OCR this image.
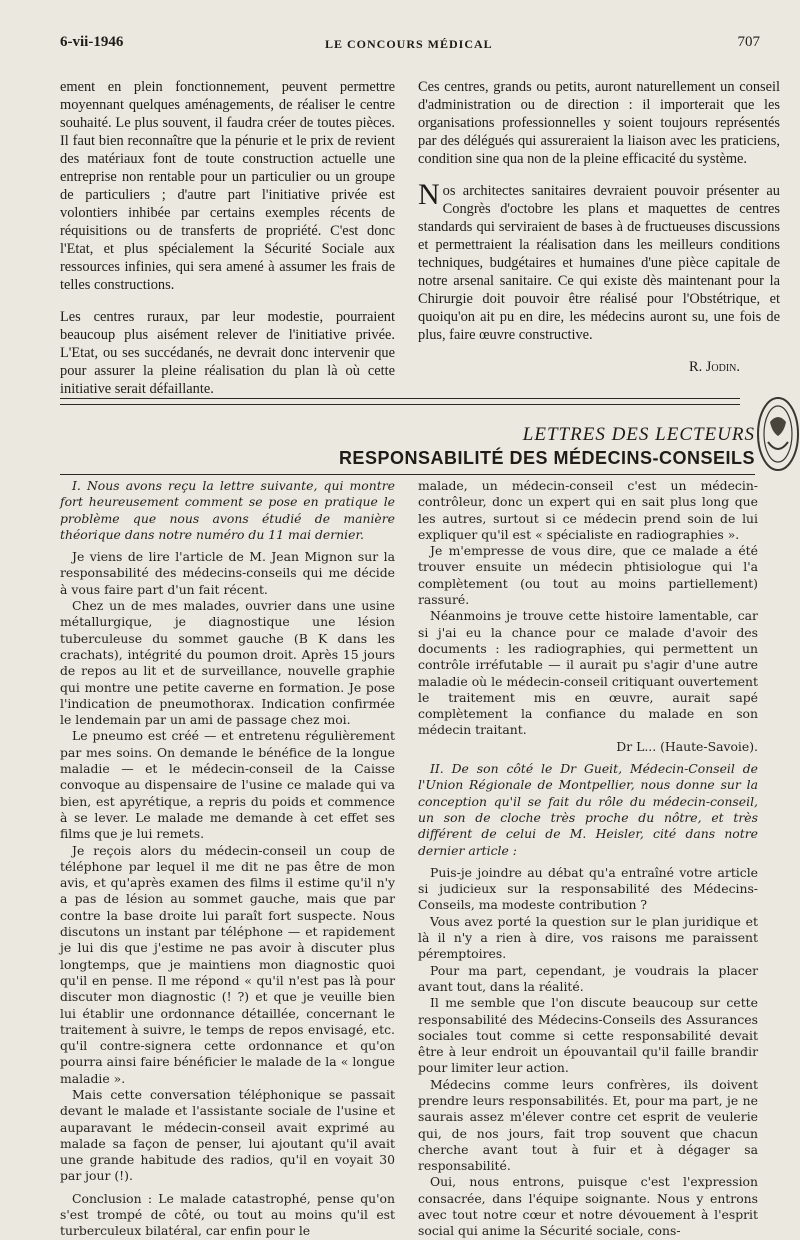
6-vii-1946	LE CONCOURS MÉDICAL	707

ement en plein fonctionnement, peuvent permettre moyennant quelques aménagements, de réaliser le centre souhaité. Le plus souvent, il faudra créer de toutes pièces. Il faut bien reconnaître que la pénurie et le prix de revient des matériaux font de toute construction actuelle une entreprise non rentable pour un particulier ou un groupe de particuliers ; d'autre part l'initiative privée est volontiers inhibée par certains exemples récents de réquisitions ou de transferts de propriété. C'est donc l'Etat, et plus spécialement la Sécurité Sociale aux ressources infinies, qui sera amené à assumer les frais de telles constructions.

Les centres ruraux, par leur modestie, pourraient beaucoup plus aisément relever de l'initiative privée. L'Etat, ou ses succédanés, ne devrait donc intervenir que pour assurer la pleine réalisation du plan là où cette initiative serait défaillante.

Ces centres, grands ou petits, auront naturellement un conseil d'administration ou de direction : il importerait que les organisations professionnelles y soient toujours représentés par des délégués qui assureraient la liaison avec les praticiens, condition sine qua non de la pleine efficacité du système.

Nos architectes sanitaires devraient pouvoir présenter au Congrès d'octobre les plans et maquettes de centres standards qui serviraient de bases à de fructueuses discussions et permettraient la réalisation dans les meilleurs conditions techniques, budgétaires et humaines d'une pièce capitale de notre arsenal sanitaire. Ce qui existe dès maintenant pour la Chirurgie doit pouvoir être réalisé pour l'Obstétrique, et quoiqu'on ait pu en dire, les médecins auront su, une fois de plus, faire œuvre constructive.

R. Jodin.
LETTRES DES LECTEURS
RESPONSABILITÉ DES MÉDECINS-CONSEILS

I. Nous avons reçu la lettre suivante, qui montre fort heureusement comment se pose en pratique le problème que nous avons étudié de manière théorique dans notre numéro du 11 mai dernier.

Je viens de lire l'article de M. Jean Mignon sur la responsabilité des médecins-conseils qui me décide à vous faire part d'un fait récent.

Chez un de mes malades, ouvrier dans une usine métallurgique, je diagnostique une lésion tuberculeuse du sommet gauche (B K dans les crachats), intégrité du poumon droit. Après 15 jours de repos au lit et de surveillance, nouvelle graphie qui montre une petite caverne en formation. Je pose l'indication de pneumothorax. Indication confirmée le lendemain par un ami de passage chez moi.

Le pneumo est créé — et entretenu régulièrement par mes soins. On demande le bénéfice de la longue maladie — et le médecin-conseil de la Caisse convoque au dispensaire de l'usine ce malade qui va bien, est apyrétique, a repris du poids et commence à se lever. Le malade me demande à cet effet ses films que je lui remets.

Je reçois alors du médecin-conseil un coup de téléphone par lequel il me dit ne pas être de mon avis, et qu'après examen des films il estime qu'il n'y a pas de lésion au sommet gauche, mais que par contre la base droite lui paraît fort suspecte. Nous discutons un instant par téléphone — et rapidement je lui dis que j'estime ne pas avoir à discuter plus longtemps, que je maintiens mon diagnostic quoi qu'il en pense. Il me répond « qu'il n'est pas là pour discuter mon diagnostic (! ?) et que je veuille bien lui établir une ordonnance détaillée, concernant le traitement à suivre, le temps de repos envisagé, etc. qu'il contre-signera cette ordonnance et qu'on pourra ainsi faire bénéficier le malade de la « longue maladie ».

Mais cette conversation téléphonique se passait devant le malade et l'assistante sociale de l'usine et auparavant le médecin-conseil avait exprimé au malade sa façon de penser, lui ajoutant qu'il avait une grande habitude des radios, qu'il en voyait 30 par jour (!).

Conclusion : Le malade catastrophé, pense qu'on s'est trompé de côté, ou tout au moins qu'il est turberculeux bilatéral, car enfin pour le

malade, un médecin-conseil c'est un médecin-contrôleur, donc un expert qui en sait plus long que les autres, surtout si ce médecin prend soin de lui expliquer qu'il est « spécialiste en radiographies ».

Je m'empresse de vous dire, que ce malade a été trouver ensuite un médecin phtisiologue qui l'a complètement (ou tout au moins partiellement) rassuré.

Néanmoins je trouve cette histoire lamentable, car si j'ai eu la chance pour ce malade d'avoir des documents : les radiographies, qui permettent un contrôle irréfutable — il aurait pu s'agir d'une autre maladie où le médecin-conseil critiquant ouvertement le traitement mis en œuvre, aurait sapé complètement la confiance du malade en son médecin traitant.

Dr L... (Haute-Savoie).

II. De son côté le Dr Gueit, Médecin-Conseil de l'Union Régionale de Montpellier, nous donne sur la conception qu'il se fait du rôle du médecin-conseil, un son de cloche très proche du nôtre, et très différent de celui de M. Heisler, cité dans notre dernier article :

Puis-je joindre au débat qu'a entraîné votre article si judicieux sur la responsabilité des Médecins-Conseils, ma modeste contribution ?

Vous avez porté la question sur le plan juridique et là il n'y a rien à dire, vos raisons me paraissent péremptoires.

Pour ma part, cependant, je voudrais la placer avant tout, dans la réalité.

Il me semble que l'on discute beaucoup sur cette responsabilité des Médecins-Conseils des Assurances sociales tout comme si cette responsabilité devait être à leur endroit un épouvantail qu'il faille brandir pour limiter leur action.

Médecins comme leurs confrères, ils doivent prendre leurs responsabilités. Et, pour ma part, je ne saurais assez m'élever contre cet esprit de veulerie qui, de nos jours, fait trop souvent que chacun cherche avant tout à fuir et à dégager sa responsabilité.

Oui, nous entrons, puisque c'est l'expression consacrée, dans l'équipe soignante. Nous y entrons avec tout notre cœur et notre dévouement à l'esprit social qui anime la Sécurité sociale, cons-
